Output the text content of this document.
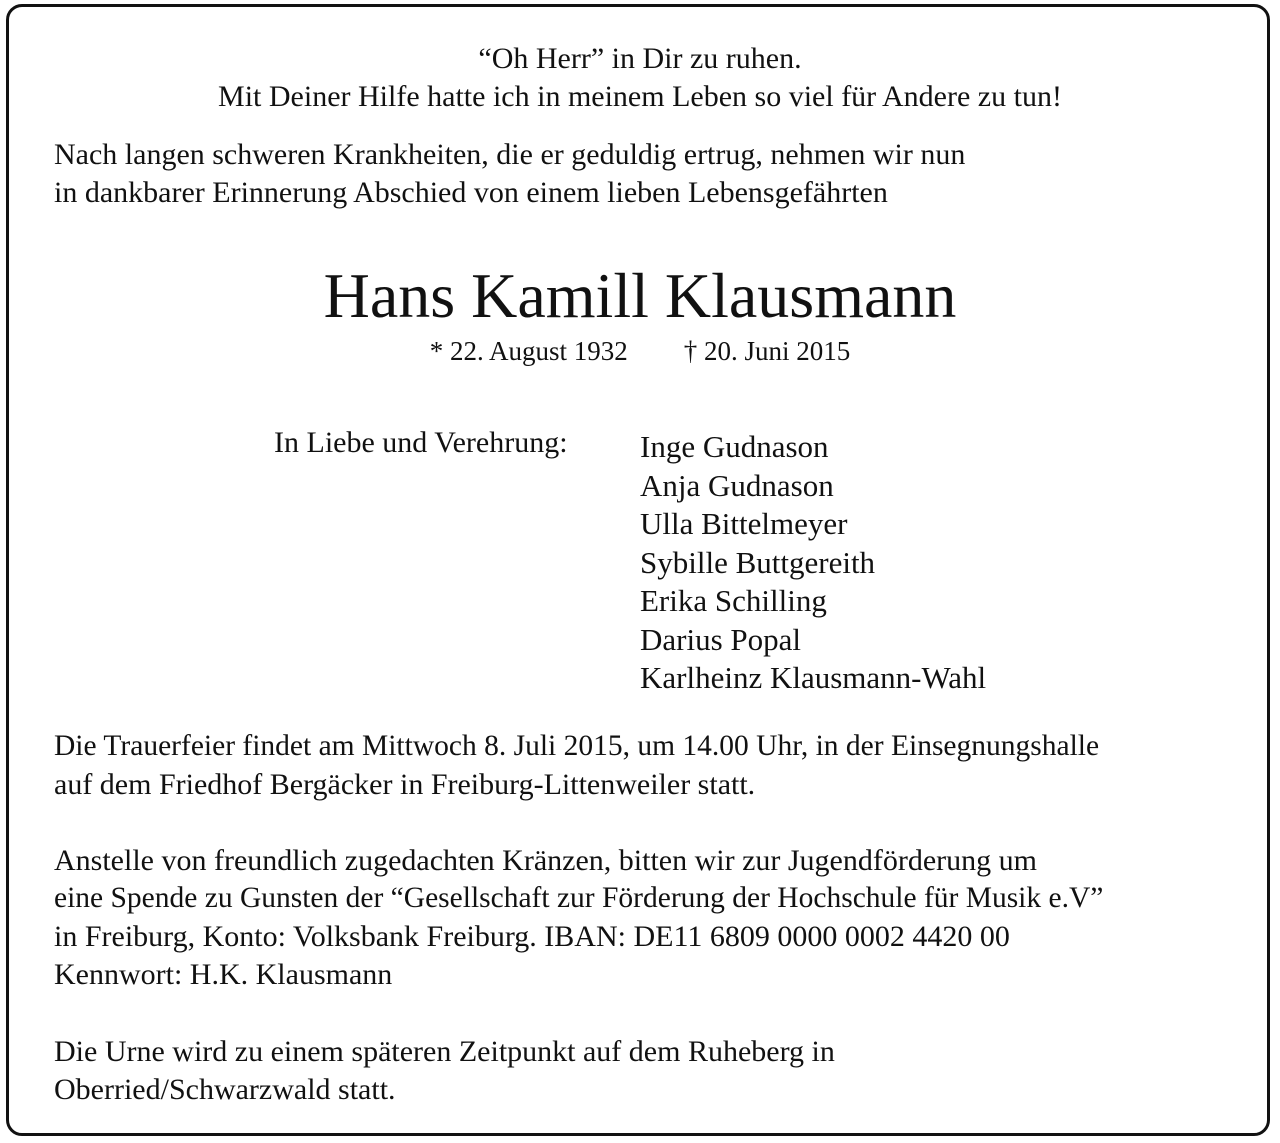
“Oh Herr” in Dir zu ruhen.
Mit Deiner Hilfe hatte ich in meinem Leben so viel für Andere zu tun!
Nach langen schweren Krankheiten, die er geduldig ertrug, nehmen wir nun
in dankbarer Erinnerung Abschied von einem lieben Lebensgefährten
Hans Kamill Klausmann
* 22. August 1932 † 20. Juni 2015
In Liebe und Verehrung: Inge Gudnason
Anja Gudnason
Ulla Bittelmeyer
Sybille Buttgereith
Erika Schilling
Darius Popal
Karlheinz Klausmann-Wahl
Die Trauerfeier findet am Mittwoch 8. Juli 2015, um 14.00 Uhr, in der Einsegnungshalle
auf dem Friedhof Bergäcker in Freiburg-Littenweiler statt.
Anstelle von freundlich zugedachten Kränzen, bitten wir zur Jugendförderung um
eine Spende zu Gunsten der “Gesellschaft zur Förderung der Hochschule für Musik e.V”
in Freiburg, Konto: Volksbank Freiburg. IBAN: DE11 6809 0000 0002 4420 00
Kennwort: H.K. Klausmann
Die Urne wird zu einem späteren Zeitpunkt auf dem Ruheberg in
Oberried/Schwarzwald statt.
